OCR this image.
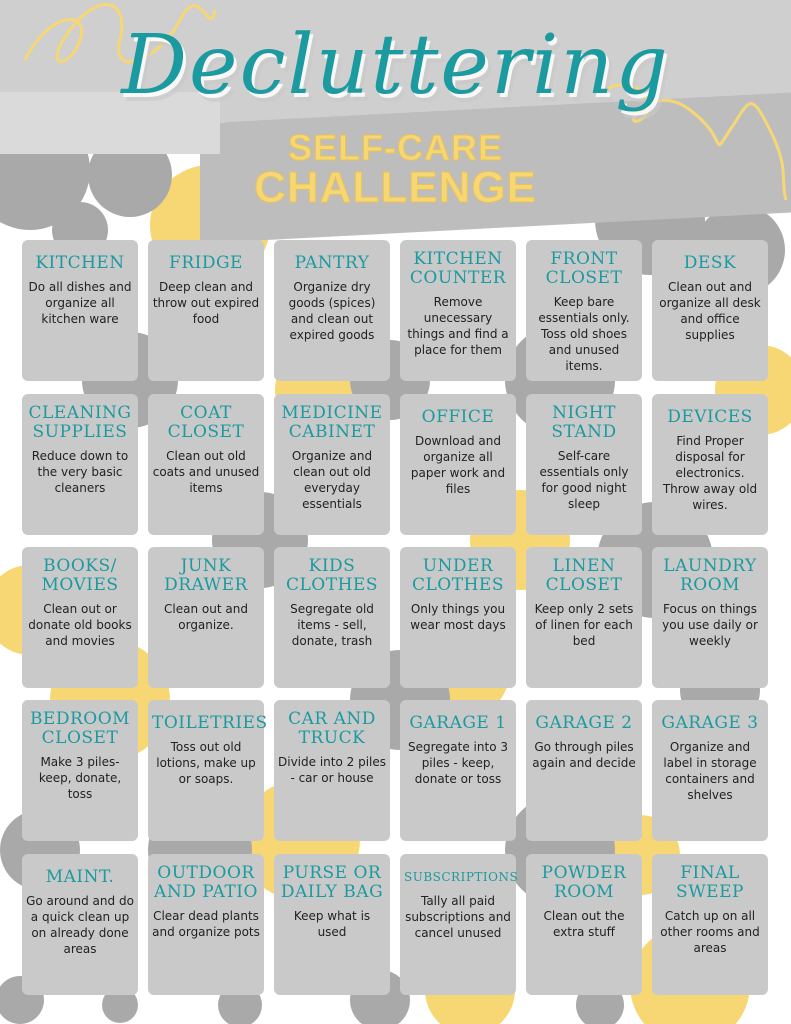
Decluttering
SELF-CARE
CHALLENGE
KITCHEN
Do all dishes and organize all kitchen ware
FRIDGE
Deep clean and throw out expired food
PANTRY
Organize dry goods (spices) and clean out expired goods
KITCHEN COUNTER
Remove unecessary things and find a place for them
FRONT CLOSET
Keep bare essentials only. Toss old shoes and unused items.
DESK
Clean out and organize all desk and office supplies
CLEANING SUPPLIES
Reduce down to the very basic cleaners
COAT CLOSET
Clean out old coats and unused items
MEDICINE CABINET
Organize and clean out old everyday essentials
OFFICE
Download and organize all paper work and files
NIGHT STAND
Self-care essentials only for good night sleep
DEVICES
Find Proper disposal for electronics. Throw away old wires.
BOOKS/ MOVIES
Clean out or donate old books and movies
JUNK DRAWER
Clean out and organize.
KIDS CLOTHES
Segregate old items - sell, donate, trash
UNDER CLOTHES
Only things you wear most days
LINEN CLOSET
Keep only 2 sets of linen for each bed
LAUNDRY ROOM
Focus on things you use daily or weekly
BEDROOM CLOSET
Make 3 piles- keep, donate, toss
TOILETRIES
Toss out old lotions, make up or soaps.
CAR AND TRUCK
Divide into 2 piles - car or house
GARAGE 1
Segregate into 3 piles - keep, donate or toss
GARAGE 2
Go through piles again and decide
GARAGE 3
Organize and label in storage containers and shelves
MAINT.
Go around and do a quick clean up on already done areas
OUTDOOR AND PATIO
Clear dead plants and organize pots
PURSE OR DAILY BAG
Keep what is used
SUBSCRIPTIONS
Tally all paid subscriptions and cancel unused
POWDER ROOM
Clean out the extra stuff
FINAL SWEEP
Catch up on all other rooms and areas
